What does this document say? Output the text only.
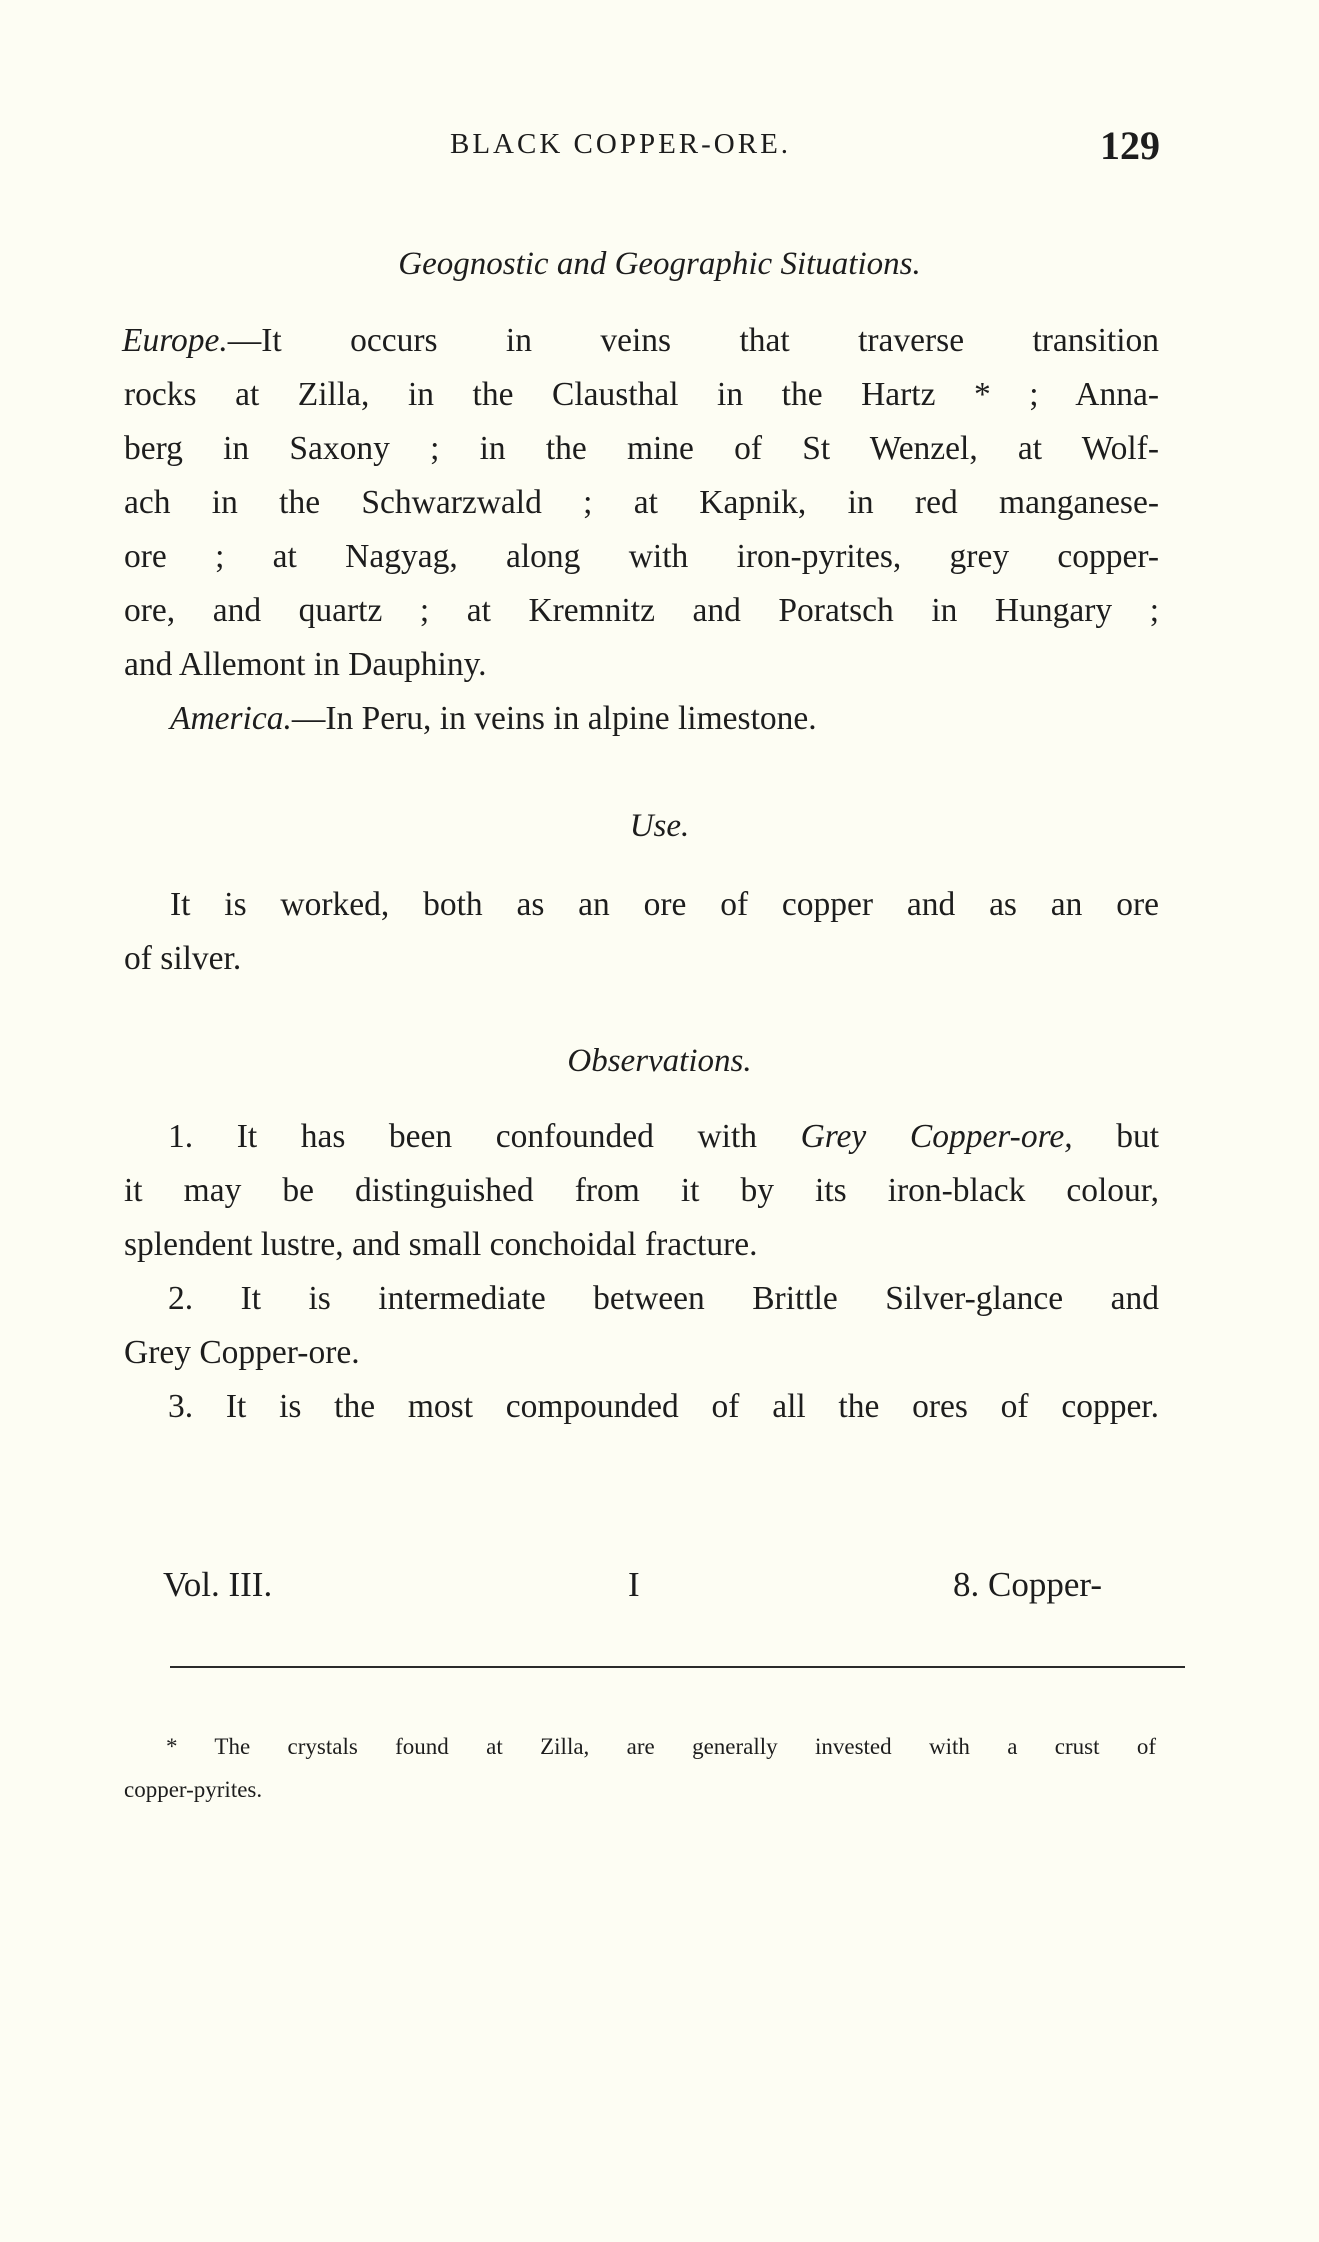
BLACK COPPER-ORE.	129
Geognostic and Geographic Situations.
Europe.—It occurs in veins that traverse transition
rocks at Zilla, in the Clausthal in the Hartz * ; Anna-
berg in Saxony ; in the mine of St Wenzel, at Wolf-
ach in the Schwarzwald ; at Kapnik, in red manganese-
ore ; at Nagyag, along with iron-pyrites, grey copper-
ore, and quartz ; at Kremnitz and Poratsch in Hungary ;
and Allemont in Dauphiny.
America.—In Peru, in veins in alpine limestone.
Use.
It is worked, both as an ore of copper and as an ore
of silver.
Observations.
1. It has been confounded with Grey Copper-ore, but
it may be distinguished from it by its iron-black colour,
splendent lustre, and small conchoidal fracture.
2. It is intermediate between Brittle Silver-glance and
Grey Copper-ore.
3. It is the most compounded of all the ores of copper.
Vol. III.	I	8. Copper-
* The crystals found at Zilla, are generally invested with a crust of
copper-pyrites.
